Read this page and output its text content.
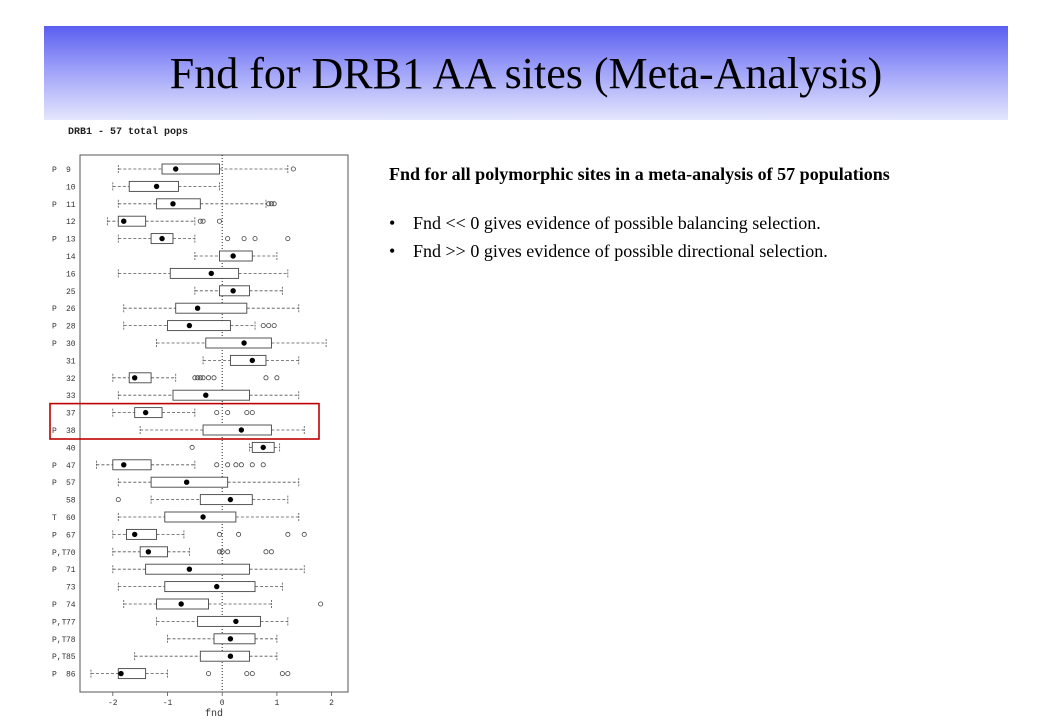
Fnd for DRB1 AA sites (Meta-Analysis)
DRB1 - 57 total pops
P 9
10
P 11
12
P 13
14
16
25
P 26
P 28
P 30
31
32
33
37
P 38
40
P 47
P 57
58
T 60
P 67
P,T 70
P 71
73
P 74
P,T 77
P,T 78
P,T 85
P 86
-2	-1	0	1	2
fnd
Fnd for all polymorphic sites in a meta-analysis of 57 populations
• Fnd << 0 gives evidence of possible balancing selection.
• Fnd >> 0 gives evidence of possible directional selection.
